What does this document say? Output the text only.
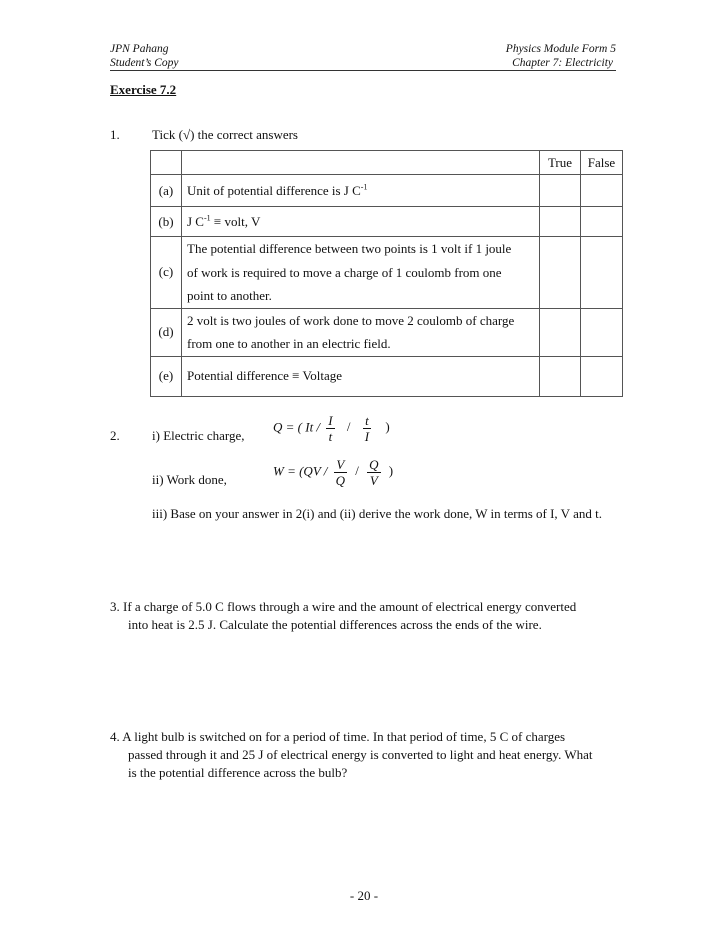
JPN Pahang
Student’s Copy
Physics Module Form 5
Chapter 7: Electricity
Exercise 7.2
1. Tick (√) the correct answers
		True	False
(a)	Unit of potential difference is J $C^{-1}$		
(b)	J $C^{-1}$ ≡ volt, V		
(c)	The potential difference between two points is 1 volt if 1 joule
of work is required to move a charge of 1 coulomb from one
point to another.		

(d)	2 volt is two joules of work done to move 2 coulomb of charge
from one to another in an electric field.		

(e)	Potential difference ≡ Voltage		
2. i) Electric charge,
Q = ( It / $\frac{I}{t} / \frac{t}{I}$ )
ii) Work done,
$W = (QV / \frac{V}{Q} / \frac{Q}{V}$ )
iii) Base on your answer in 2(i) and (ii) derive the work done, W in terms of I, V and t.
3. If a charge of 5.0 C flows through a wire and the amount of electrical energy converted
into heat is 2.5 J. Calculate the potential differences across the ends of the wire.
4. A light bulb is switched on for a period of time. In that period of time, 5 C of charges
passed through it and 25 J of electrical energy is converted to light and heat energy. What
is the potential difference across the bulb?
- 20 -
